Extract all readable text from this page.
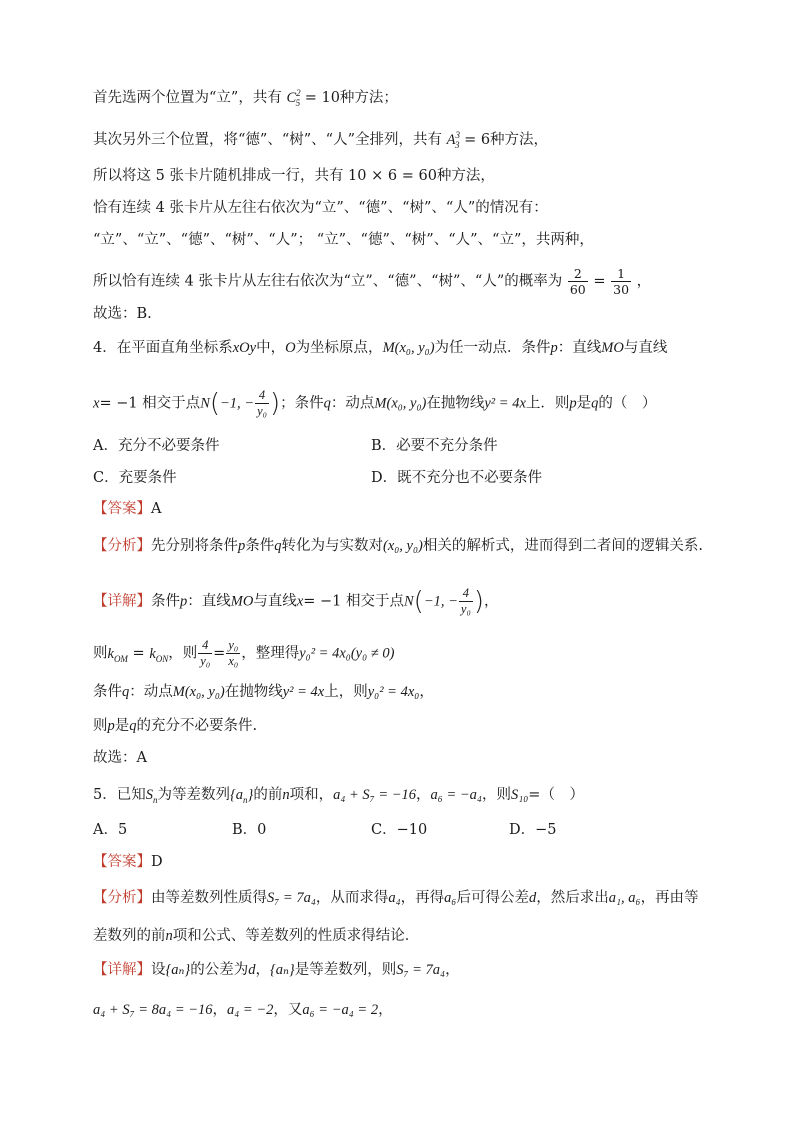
首先选两个位置为“立”，共有 $C^2_5 = 10$种方法；
其次另外三个位置，将“德”、“树”、“人”全排列，共有 $A^3_3 = 6$种方法，
所以将这 5 张卡片随机排成一行，共有 10 × 6 = 60种方法，
恰有连续 4 张卡片从左往右依次为“立”、“德”、“树”、“人”的情况有：
“立”、“立”、“德”、“树”、“人”； “立”、“德”、“树”、“人”、“立”，共两种，
所以恰有连续 4 张卡片从左往右依次为“立”、“德”、“树”、“人”的概率为 $\frac{2}{60} = \frac{1}{30}$ ，
故选：B.
4．在平面直角坐标系xOy中，O为坐标原点，M(x₀, y₀)为任一动点．条件p：直线MO与直线
x= −1 相交于点N(−1, − $\frac{4}{\text{y₀}}$ )；条件q：动点M(x₀, y₀)在抛物线y² = 4x上．则p是q的（　）
A．充分不必要条件	B．必要不充分条件
C．充要条件	D．既不充分也不必要条件
【答案】A
【分析】先分别将条件p条件q转化为与实数对(x₀, y₀)相关的解析式，进而得到二者间的逻辑关系.
【详解】条件p：直线MO与直线x= −1 相交于点N(−1, − $\frac{4}{\text{y₀}}$ )，
则$k_{OM} = k_{ON}$，则 $\frac{4}{\text{y₀}} = \frac{\text{y₀}}{\text{x₀}}$ ，整理得y₀² = 4x₀(y₀ ≠ 0)
条件q：动点M(x₀, y₀)在抛物线y² = 4x上，则y₀² = 4x₀，
则p是q的充分不必要条件.
故选：A
5．已知$S_n$为等差数列$\{a_n\}$的前n项和，a₄ + S₇ = −16，a₆ = −a₄，则S₁₀=（　）
A．5	B．0	C．−10	D．−5
【答案】D
【分析】由等差数列性质得S₇ = 7a₄，从而求得a₄，再得a₆后可得公差d，然后求出a₁, a₆，再由等
差数列的前n项和公式、等差数列的性质求得结论．
【详解】设{aₙ}的公差为d，{aₙ}是等差数列，则S₇ = 7a₄，
a₄ + S₇ = 8a₄ = −16，a₄ = −2，又a₆ = −a₄ = 2，
